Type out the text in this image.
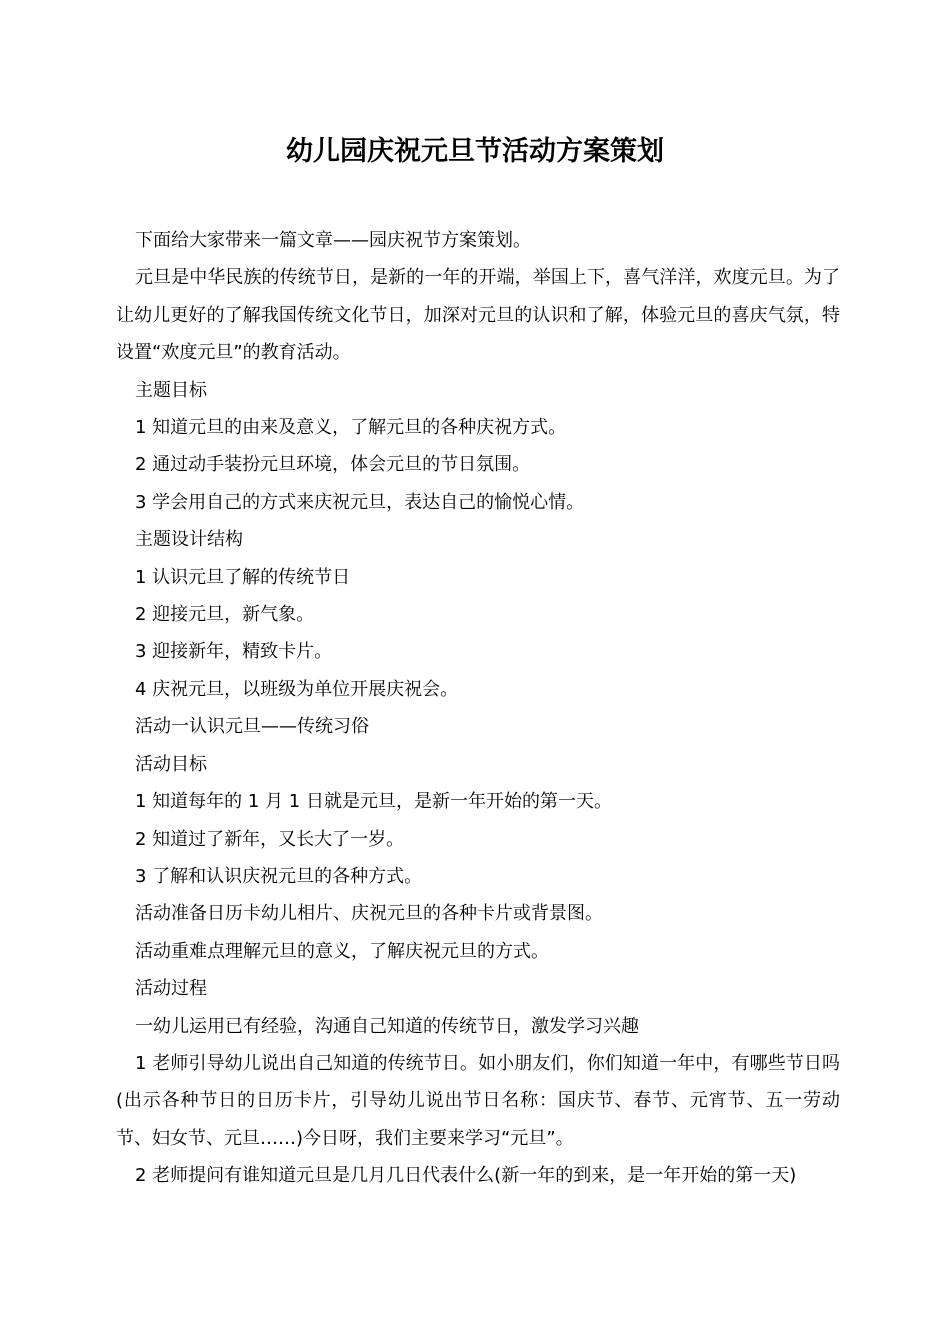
幼儿园庆祝元旦节活动方案策划

下面给大家带来一篇文章——园庆祝节方案策划。

元旦是中华民族的传统节日，是新的一年的开端，举国上下，喜气洋洋，欢度元旦。为了让幼儿更好的了解我国传统文化节日，加深对元旦的认识和了解，体验元旦的喜庆气氛，特设置“欢度元旦”的教育活动。

主题目标

1 知道元旦的由来及意义，了解元旦的各种庆祝方式。

2 通过动手装扮元旦环境，体会元旦的节日氛围。

3 学会用自己的方式来庆祝元旦，表达自己的愉悦心情。

主题设计结构

1 认识元旦了解的传统节日

2 迎接元旦，新气象。

3 迎接新年，精致卡片。

4 庆祝元旦，以班级为单位开展庆祝会。

活动一认识元旦——传统习俗

活动目标

1 知道每年的 1 月 1 日就是元旦，是新一年开始的第一天。

2 知道过了新年，又长大了一岁。

3 了解和认识庆祝元旦的各种方式。

活动准备日历卡幼儿相片、庆祝元旦的各种卡片或背景图。

活动重难点理解元旦的意义，了解庆祝元旦的方式。

活动过程

一幼儿运用已有经验，沟通自己知道的传统节日，激发学习兴趣

1 老师引导幼儿说出自己知道的传统节日。如小朋友们，你们知道一年中，有哪些节日吗(出示各种节日的日历卡片，引导幼儿说出节日名称：国庆节、春节、元宵节、五一劳动节、妇女节、元旦……)今日呀，我们主要来学习“元旦”。

2 老师提问有谁知道元旦是几月几日代表什么(新一年的到来，是一年开始的第一天)
